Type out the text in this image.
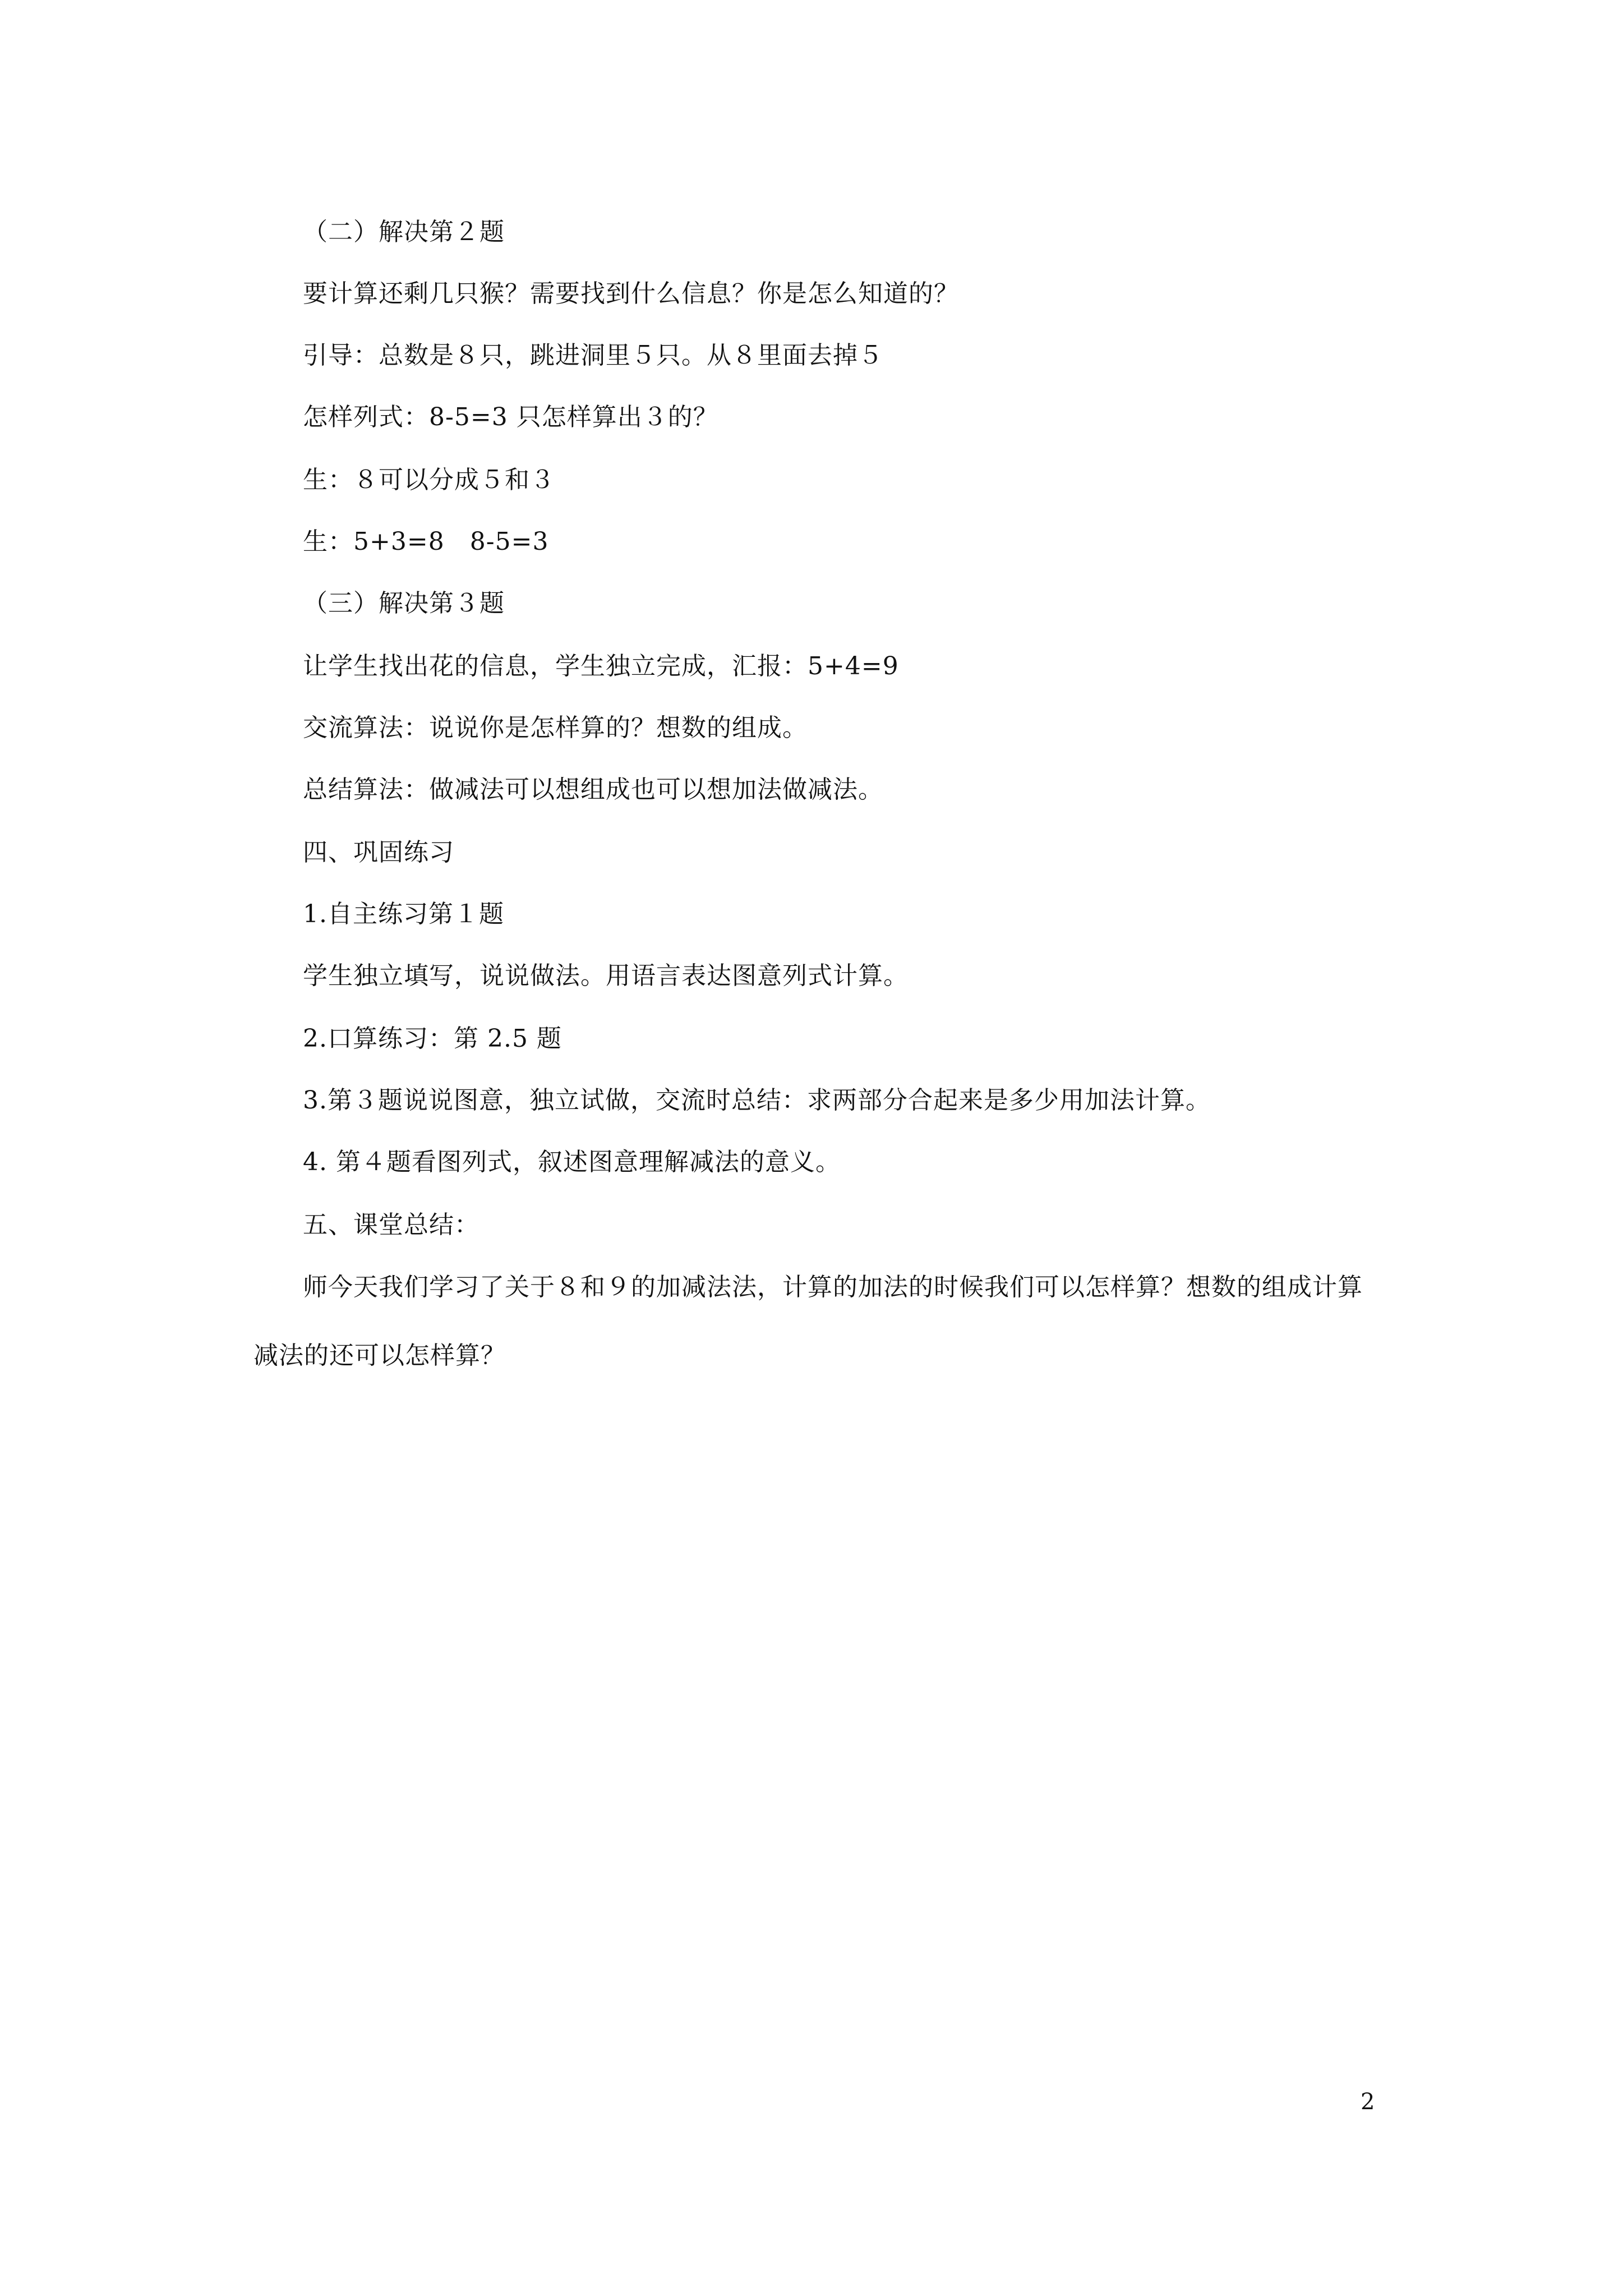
（二）解决第２题
要计算还剩几只猴？需要找到什么信息？你是怎么知道的？
引导：总数是８只，跳进洞里５只。从８里面去掉５
怎样列式：8-5=3 只怎样算出３的？
生：８可以分成５和３
生：5+3=8　8-5=3
（三）解决第３题
让学生找出花的信息，学生独立完成，汇报：5+4=9
交流算法：说说你是怎样算的？想数的组成。
总结算法：做减法可以想组成也可以想加法做减法。
四、巩固练习
1.自主练习第１题
学生独立填写，说说做法。用语言表达图意列式计算。
2.口算练习：第 2.5 题
3.第３题说说图意，独立试做，交流时总结：求两部分合起来是多少用加法计算。
4. 第４题看图列式，叙述图意理解减法的意义。
五、课堂总结：
师今天我们学习了关于８和９的加减法法，计算的加法的时候我们可以怎样算？想数的组成计算减法的还可以怎样算？
2
